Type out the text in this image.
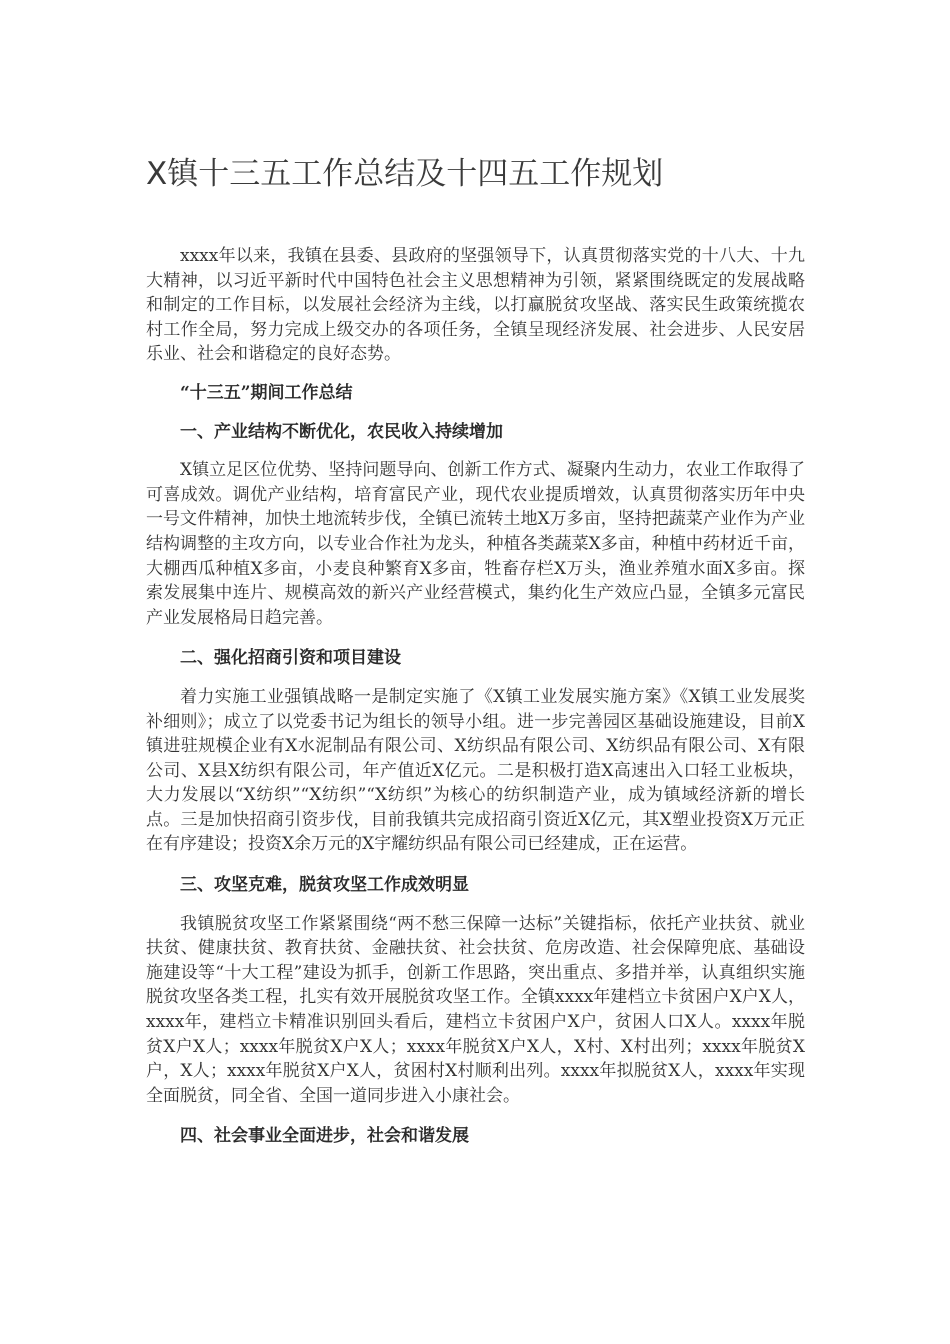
X镇十三五工作总结及十四五工作规划

xxxx年以来，我镇在县委、县政府的坚强领导下，认真贯彻落实党的十八大、十九大精神，以习近平新时代中国特色社会主义思想精神为引领，紧紧围绕既定的发展战略和制定的工作目标，以发展社会经济为主线，以打赢脱贫攻坚战、落实民生政策统揽农村工作全局，努力完成上级交办的各项任务，全镇呈现经济发展、社会进步、人民安居乐业、社会和谐稳定的良好态势。

“十三五”期间工作总结

一、产业结构不断优化，农民收入持续增加

X镇立足区位优势、坚持问题导向、创新工作方式、凝聚内生动力，农业工作取得了可喜成效。调优产业结构，培育富民产业，现代农业提质增效，认真贯彻落实历年中央一号文件精神，加快土地流转步伐，全镇已流转土地X万多亩，坚持把蔬菜产业作为产业结构调整的主攻方向，以专业合作社为龙头，种植各类蔬菜X多亩，种植中药材近千亩，大棚西瓜种植X多亩，小麦良种繁育X多亩，牲畜存栏X万头，渔业养殖水面X多亩。探索发展集中连片、规模高效的新兴产业经营模式，集约化生产效应凸显，全镇多元富民产业发展格局日趋完善。

二、强化招商引资和项目建设

着力实施工业强镇战略一是制定实施了《X镇工业发展实施方案》《X镇工业发展奖补细则》；成立了以党委书记为组长的领导小组。进一步完善园区基础设施建设，目前X镇进驻规模企业有X水泥制品有限公司、X纺织品有限公司、X纺织品有限公司、X有限公司、X县X纺织有限公司，年产值近X亿元。二是积极打造X高速出入口轻工业板块，大力发展以“X纺织”“X纺织”“X纺织”为核心的纺织制造产业，成为镇域经济新的增长点。三是加快招商引资步伐，目前我镇共完成招商引资近X亿元，其X塑业投资X万元正在有序建设；投资X余万元的X宇耀纺织品有限公司已经建成，正在运营。

三、攻坚克难，脱贫攻坚工作成效明显

我镇脱贫攻坚工作紧紧围绕“两不愁三保障一达标”关键指标，依托产业扶贫、就业扶贫、健康扶贫、教育扶贫、金融扶贫、社会扶贫、危房改造、社会保障兜底、基础设施建设等“十大工程”建设为抓手，创新工作思路，突出重点、多措并举，认真组织实施脱贫攻坚各类工程，扎实有效开展脱贫攻坚工作。全镇xxxx年建档立卡贫困户X户X人，xxxx年，建档立卡精准识别回头看后，建档立卡贫困户X户，贫困人口X人。xxxx年脱贫X户X人；xxxx年脱贫X户X人；xxxx年脱贫X户X人，X村、X村出列；xxxx年脱贫X户，X人；xxxx年脱贫X户X人，贫困村X村顺利出列。xxxx年拟脱贫X人，xxxx年实现全面脱贫，同全省、全国一道同步进入小康社会。

四、社会事业全面进步，社会和谐发展
